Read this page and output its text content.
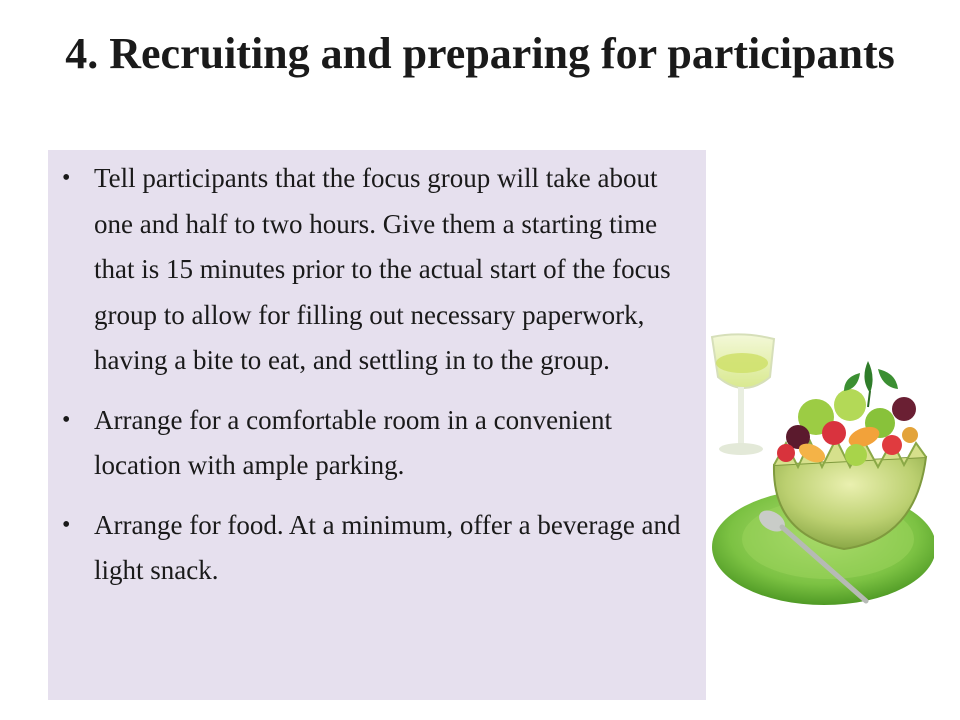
4. Recruiting and preparing for participants
• Tell participants that the focus group will take about one and half to two hours. Give them a starting time that is 15 minutes prior to the actual start of the focus group to allow for filling out necessary paperwork, having a bite to eat, and settling in to the group.
• Arrange for a comfortable room in a convenient location with ample parking.
• Arrange for food. At a minimum, offer a beverage and light snack.
